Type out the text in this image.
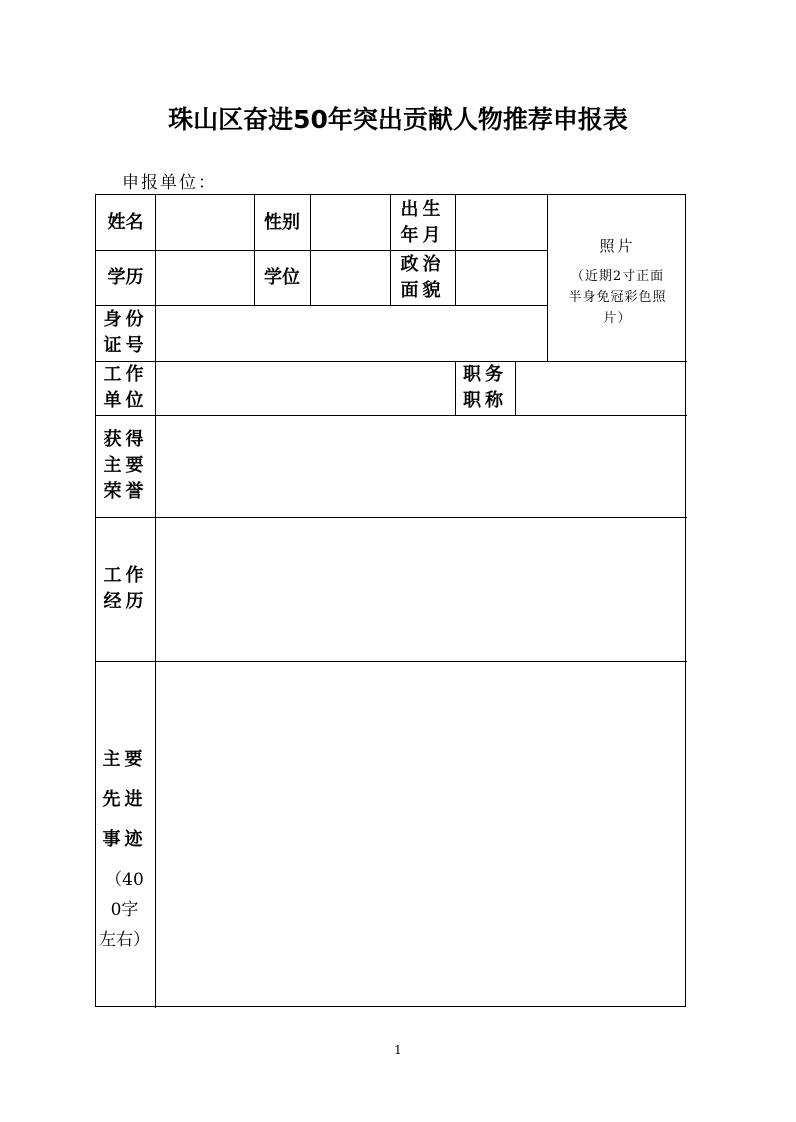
珠山区奋进50年突出贡献人物推荐申报表
申报单位：
姓名	性别
出生
年月
学历	学位
政治
面貌
照片
（近期2寸正面
半身免冠彩色照
片）
身份
证号
工作
单位
职务
职称
获得
主要
荣誉
工作
经历
主要
先进
事迹
（40
0字
左右）
1
